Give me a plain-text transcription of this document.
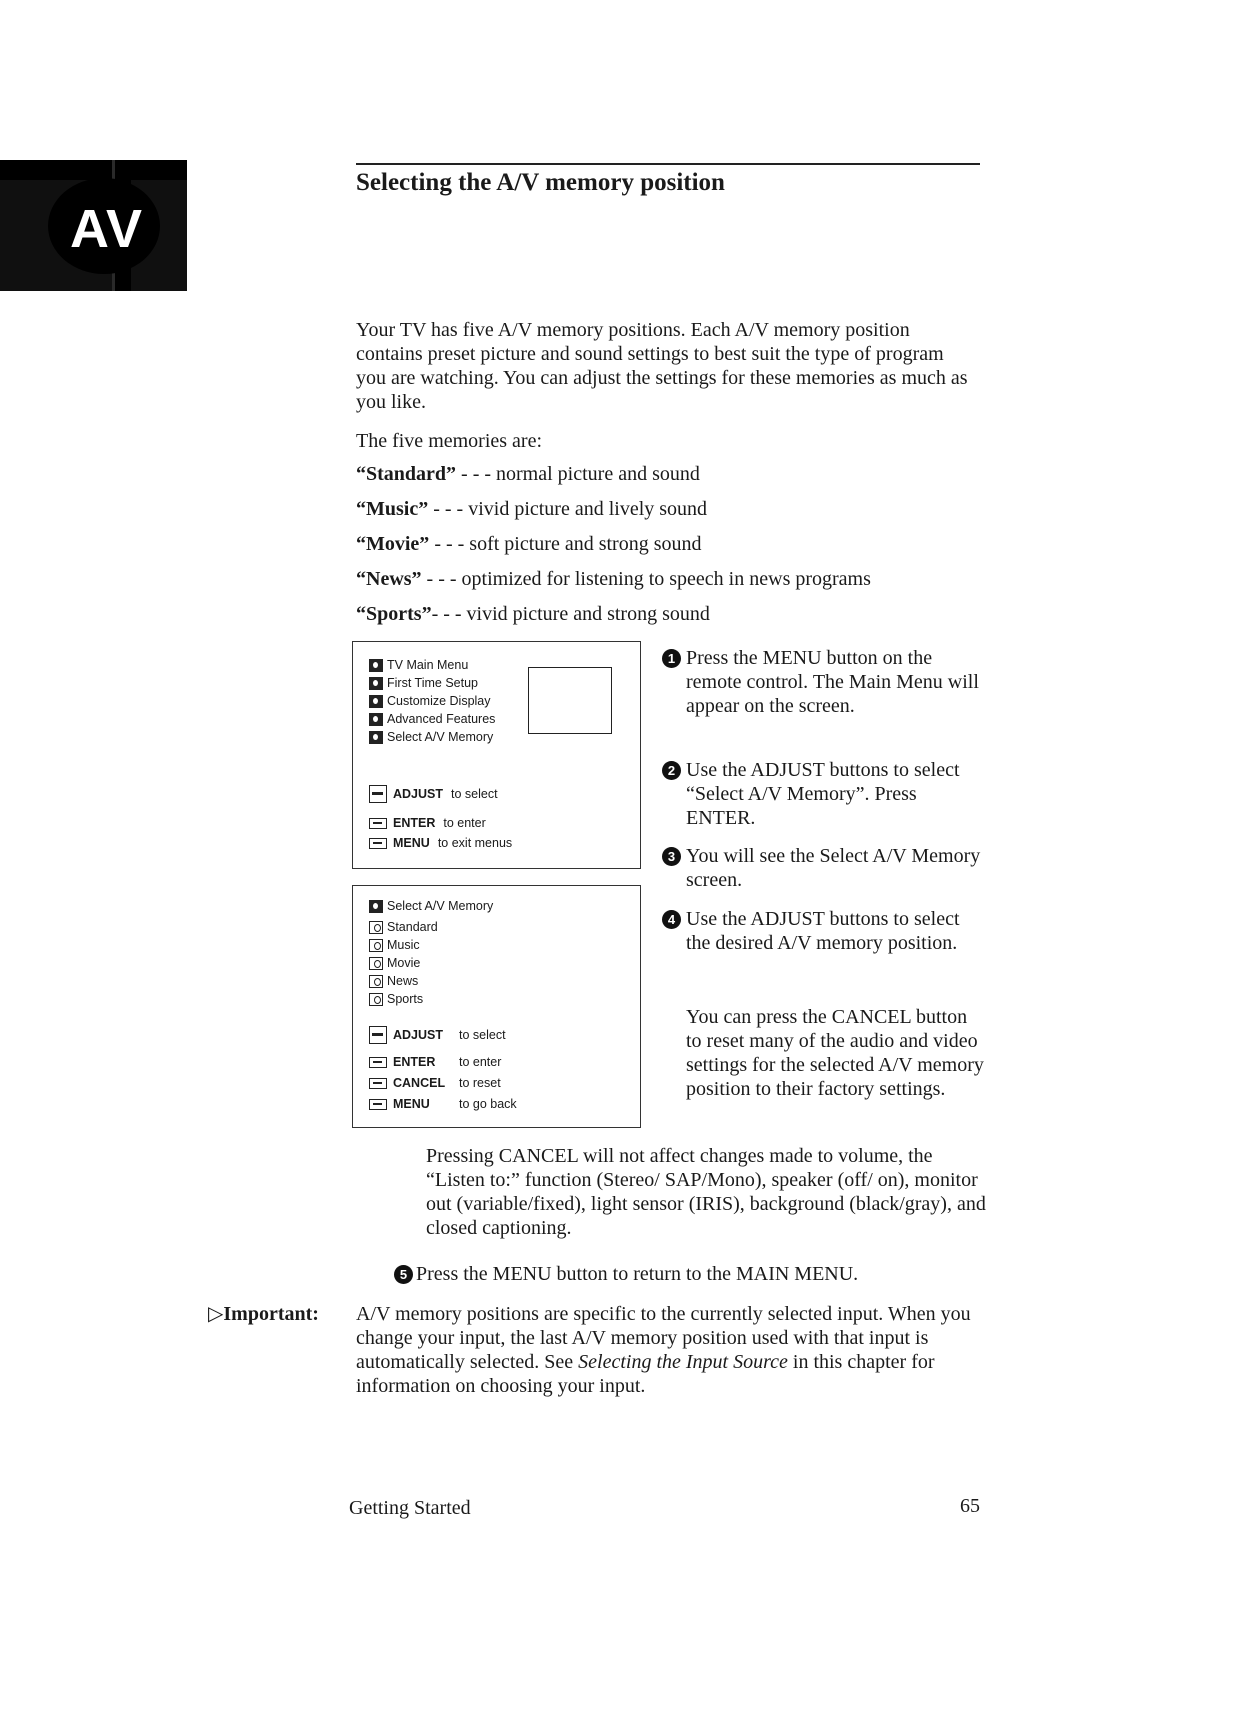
AV
Selecting the A/V memory position
Your TV has five A/V memory positions. Each A/V memory position contains preset picture and sound settings to best suit the type of program you are watching. You can adjust the settings for these memories as much as you like.
The five memories are:
“Standard” - - - normal picture and sound
“Music” - - - vivid picture and lively sound
“Movie” - - - soft picture and strong sound
“News” - - - optimized for listening to speech in news programs
“Sports”- - - vivid picture and strong sound
TV Main Menu
First Time Setup
Customize Display
Advanced Features
Select A/V Memory
ADJUST to select
ENTER to enter
MENU to exit menus
Select A/V Memory
Standard
Music
Movie
News
Sports
ADJUST	to select
ENTER	to enter
CANCEL	to reset
MENU	to go back
1 Press the MENU button on the remote control. The Main Menu will appear on the screen.
2 Use the ADJUST buttons to select “Select A/V Memory”. Press ENTER.
3 You will see the Select A/V Memory screen.
4 Use the ADJUST buttons to select the desired A/V memory position.
You can press the CANCEL button to reset many of the audio and video settings for the selected A/V memory position to their factory settings.
Pressing CANCEL will not affect changes made to volume, the “Listen to:” function (Stereo/ SAP/Mono), speaker (off/ on), monitor out (variable/fixed), light sensor (IRIS), background (black/gray), and closed captioning.
5 Press the MENU button to return to the MAIN MENU.
▷Important: A/V memory positions are specific to the currently selected input. When you change your input, the last A/V memory position used with that input is automatically selected. See Selecting the Input Source in this chapter for information on choosing your input.
Getting Started	65
